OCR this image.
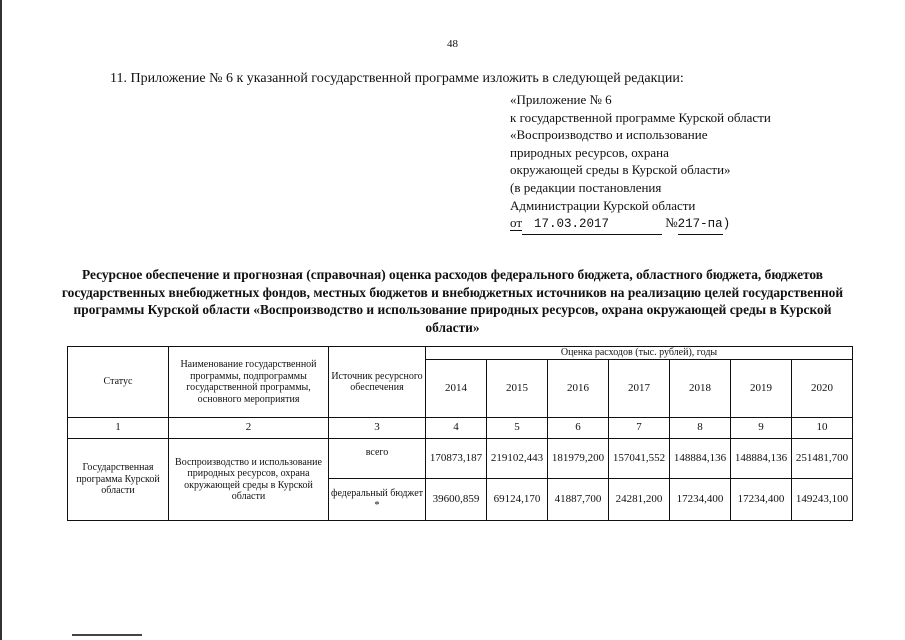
48
11. Приложение № 6 к указанной государственной программе изложить в следующей редакции:
«Приложение № 6
к государственной программе Курской области
«Воспроизводство и использование
природных ресурсов, охрана
окружающей среды в Курской области»
(в редакции постановления
Администрации Курской области
от 17.03.2017	№217-па)
Ресурсное обеспечение и прогнозная (справочная) оценка расходов федерального бюджета, областного бюджета, бюджетов государственных внебюджетных фондов, местных бюджетов и внебюджетных источников на реализацию целей государственной программы Курской области «Воспроизводство и использование природных ресурсов, охрана окружающей среды в Курской области»
Статус	Наименование государственной программы, подпрограммы государственной программы, основного мероприятия	Источник ресурсного обеспечения	Оценка расходов (тыс. рублей), годы						
			2014	2015	2016	2017	2018	2019	2020
1	2	3	4	5	6	7	8	9	10
Государственная программа Курской области	Воспроизводство и использование природных ресурсов, охрана окружающей среды в Курской области	всего	170873,187	219102,443	181979,200	157041,552	148884,136	148884,136	251481,700
		федеральный бюджет *	39600,859	69124,170	41887,700	24281,200	17234,400	17234,400	149243,100
